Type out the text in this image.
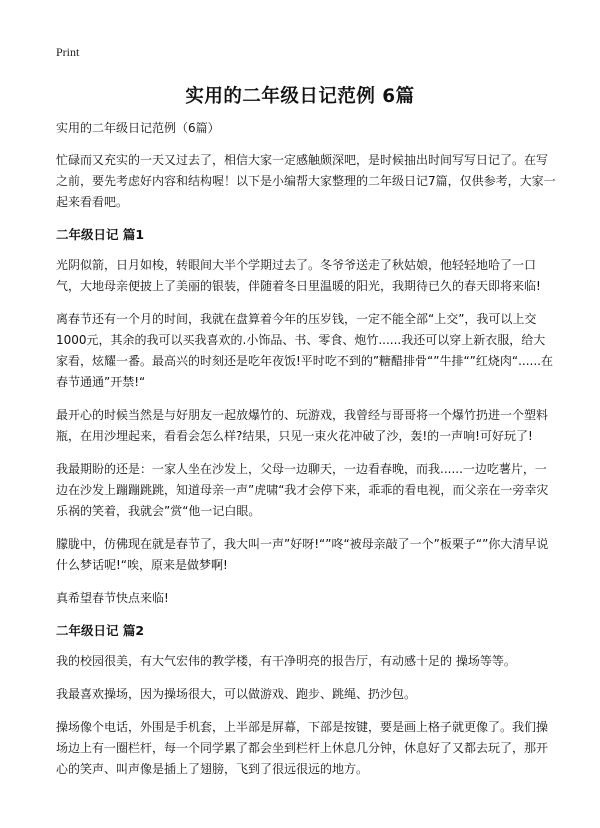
Print
实用的二年级日记范例 6篇

实用的二年级日记范例（6篇）

忙碌而又充实的一天又过去了，相信大家一定感触颇深吧，是时候抽出时间写写日记了。在写之前，要先考虑好内容和结构喔！以下是小编帮大家整理的二年级日记7篇，仅供参考，大家一起来看看吧。

二年级日记 篇1

光阴似箭，日月如梭，转眼间大半个学期过去了。冬爷爷送走了秋姑娘，他轻轻地哈了一口气，大地母亲便披上了美丽的银装，伴随着冬日里温暖的阳光，我期待已久的春天即将来临!

离春节还有一个月的时间，我就在盘算着今年的压岁钱，一定不能全部“上交”，我可以上交1000元，其余的我可以买我喜欢的.小饰品、书、零食、炮竹......我还可以穿上新衣服，给大家看，炫耀一番。最高兴的时刻还是吃年夜饭!平时吃不到的”糖醋排骨“”牛排“”红烧肉“......在春节通通”开禁!“

最开心的时候当然是与好朋友一起放爆竹的、玩游戏，我曾经与哥哥将一个爆竹扔进一个塑料瓶，在用沙埋起来，看看会怎么样?结果，只见一束火花冲破了沙，轰!的一声响!可好玩了!

我最期盼的还是：一家人坐在沙发上，父母一边聊天，一边看春晚，而我......一边吃薯片，一边在沙发上蹦蹦跳跳，知道母亲一声”虎啸“我才会停下来，乖乖的看电视，而父亲在一旁幸灾乐祸的笑着，我就会”赏“他一记白眼。

朦胧中，仿佛现在就是春节了，我大叫一声”好呀!“”咚“被母亲敲了一个”板栗子“”你大清早说什么梦话呢!“唉，原来是做梦啊!

真希望春节快点来临!

二年级日记 篇2

我的校园很美，有大气宏伟的教学楼，有干净明亮的报告厅，有动感十足的 操场等等。

我最喜欢操场，因为操场很大，可以做游戏、跑步、跳绳、扔沙包。

操场像个电话，外围是手机套，上半部是屏幕，下部是按键，要是画上格子就更像了。我们操场边上有一圈栏杆，每一个同学累了都会坐到栏杆上休息几分钟，休息好了又都去玩了，那开心的笑声、叫声像是插上了翅膀，飞到了很远很远的地方。
